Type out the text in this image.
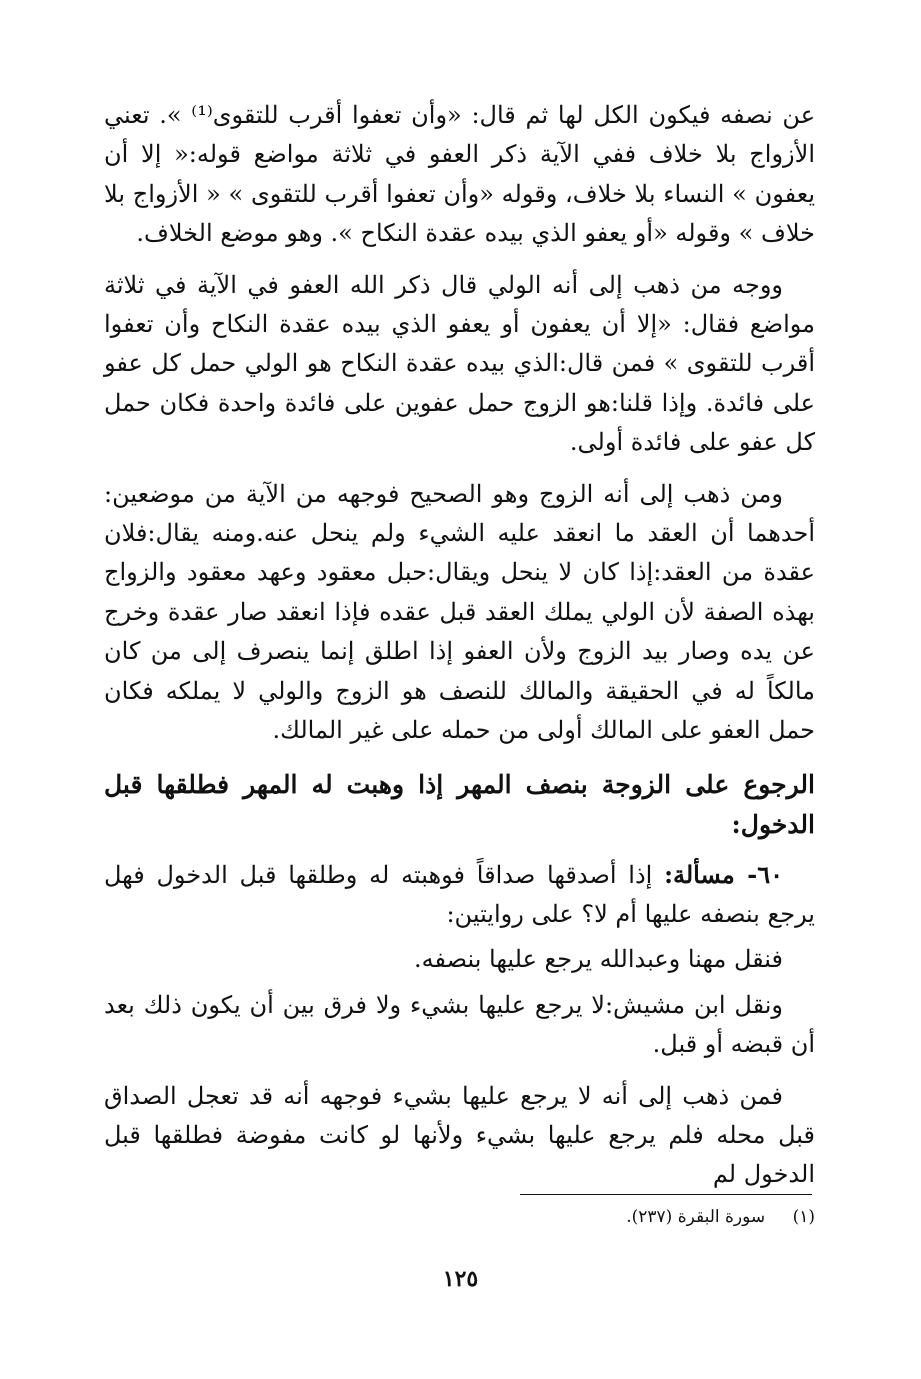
عن نصفه فيكون الكل لها ثم قال: «وأن تعفوا أقرب للتقوى⁽¹⁾ ». تعني الأزواج بلا خلاف ففي الآية ذكر العفو في ثلاثة مواضع قوله:« إلا أن يعفون » النساء بلا خلاف، وقوله «وأن تعفوا أقرب للتقوى » « الأزواج بلا خلاف » وقوله «أو يعفو الذي بيده عقدة النكاح ». وهو موضع الخلاف.

ووجه من ذهب إلى أنه الولي قال ذكر الله العفو في الآية في ثلاثة مواضع فقال: «إلا أن يعفون أو يعفو الذي بيده عقدة النكاح وأن تعفوا أقرب للتقوى » فمن قال:الذي بيده عقدة النكاح هو الولي حمل كل عفو على فائدة. وإذا قلنا:هو الزوج حمل عفوين على فائدة واحدة فكان حمل كل عفو على فائدة أولى.

ومن ذهب إلى أنه الزوج وهو الصحيح فوجهه من الآية من موضعين: أحدهما أن العقد ما انعقد عليه الشيء ولم ينحل عنه.ومنه يقال:فلان عقدة من العقد:إذا كان لا ينحل ويقال:حبل معقود وعهد معقود والزواج بهذه الصفة لأن الولي يملك العقد قبل عقده فإذا انعقد صار عقدة وخرج عن يده وصار بيد الزوج ولأن العفو إذا اطلق إنما ينصرف إلى من كان مالكاً له في الحقيقة والمالك للنصف هو الزوج والولي لا يملكه فكان حمل العفو على المالك أولى من حمله على غير المالك.

الرجوع على الزوجة بنصف المهر إذا وهبت له المهر فطلقها قبل الدخول:

٦٠- مسألة: إذا أصدقها صداقاً فوهبته له وطلقها قبل الدخول فهل يرجع بنصفه عليها أم لا؟ على روايتين:

فنقل مهنا وعبدالله يرجع عليها بنصفه.

ونقل ابن مشيش:لا يرجع عليها بشيء ولا فرق بين أن يكون ذلك بعد أن قبضه أو قبل.

فمن ذهب إلى أنه لا يرجع عليها بشيء فوجهه أنه قد تعجل الصداق قبل محله فلم يرجع عليها بشيء ولأنها لو كانت مفوضة فطلقها قبل الدخول لم

(١) سورة البقرة (٢٣٧).
١٢٥
